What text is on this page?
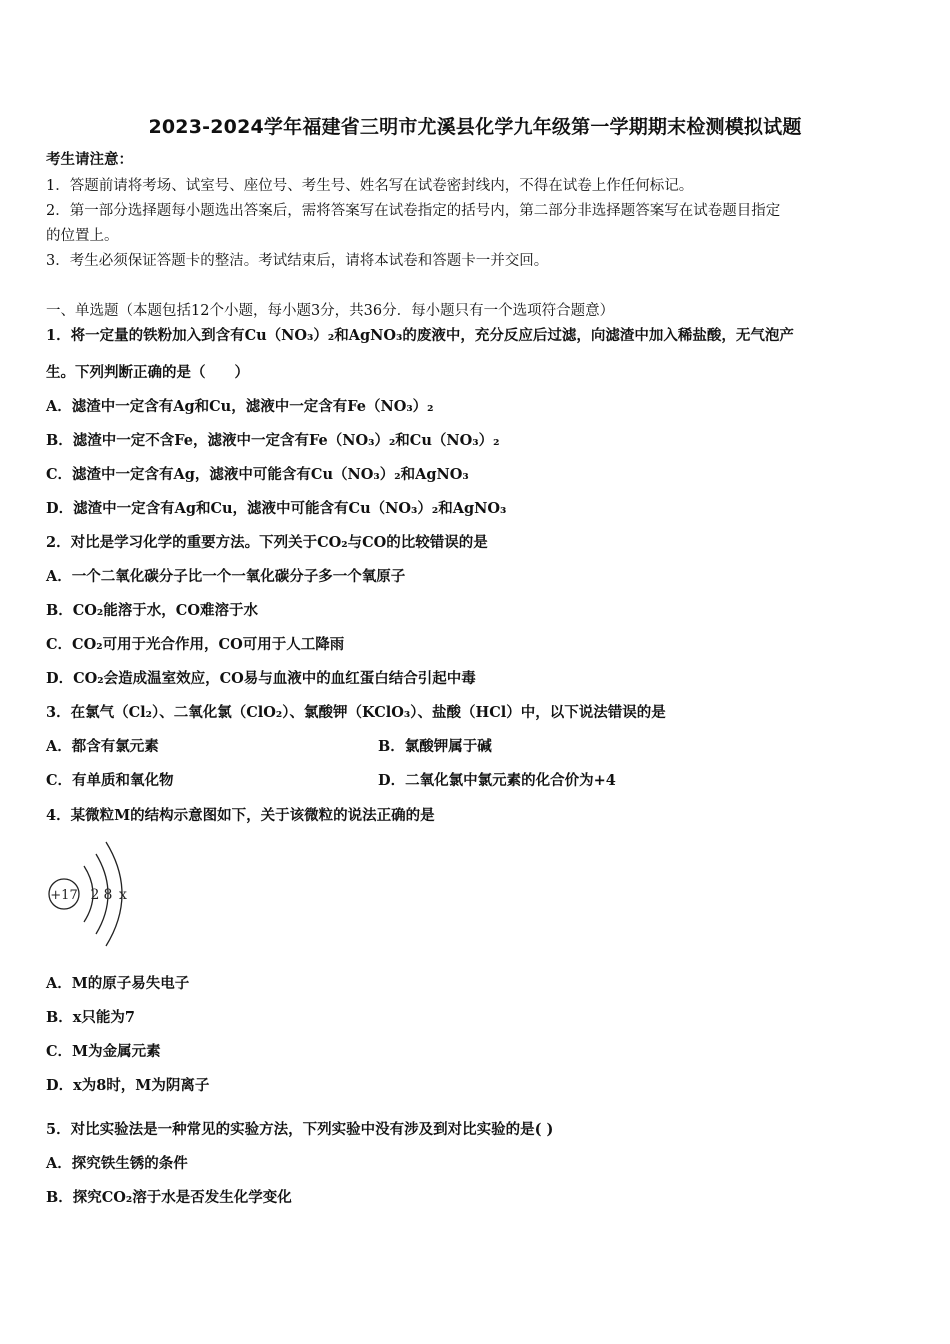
2023-2024学年福建省三明市尤溪县化学九年级第一学期期末检测模拟试题
考生请注意：
1．答题前请将考场、试室号、座位号、考生号、姓名写在试卷密封线内，不得在试卷上作任何标记。
2．第一部分选择题每小题选出答案后，需将答案写在试卷指定的括号内，第二部分非选择题答案写在试卷题目指定
的位置上。
3．考生必须保证答题卡的整洁。考试结束后，请将本试卷和答题卡一并交回。
一、单选题（本题包括12个小题，每小题3分，共36分．每小题只有一个选项符合题意）
1．将一定量的铁粉加入到含有Cu（NO₃）₂和AgNO₃的废液中，充分反应后过滤，向滤渣中加入稀盐酸，无气泡产
生。下列判断正确的是（　　）
A．滤渣中一定含有Ag和Cu，滤液中一定含有Fe（NO₃）₂
B．滤渣中一定不含Fe，滤液中一定含有Fe（NO₃）₂和Cu（NO₃）₂
C．滤渣中一定含有Ag，滤液中可能含有Cu（NO₃）₂和AgNO₃
D．滤渣中一定含有Ag和Cu，滤液中可能含有Cu（NO₃）₂和AgNO₃
2．对比是学习化学的重要方法。下列关于CO₂与CO的比较错误的是
A．一个二氧化碳分子比一个一氧化碳分子多一个氧原子
B．CO₂能溶于水，CO难溶于水
C．CO₂可用于光合作用，CO可用于人工降雨
D．CO₂会造成温室效应，CO易与血液中的血红蛋白结合引起中毒
3．在氯气（Cl₂）、二氧化氯（ClO₂）、氯酸钾（KClO₃）、盐酸（HCl）中，以下说法错误的是
A．都含有氯元素	B．氯酸钾属于碱
C．有单质和氧化物	D．二氧化氯中氯元素的化合价为+4
4．某微粒M的结构示意图如下，关于该微粒的说法正确的是
+17 2 8 x
A．M的原子易失电子
B．x只能为7
C．M为金属元素
D．x为8时，M为阴离子
5．对比实验法是一种常见的实验方法，下列实验中没有涉及到对比实验的是( )
A．探究铁生锈的条件
B．探究CO₂溶于水是否发生化学变化
